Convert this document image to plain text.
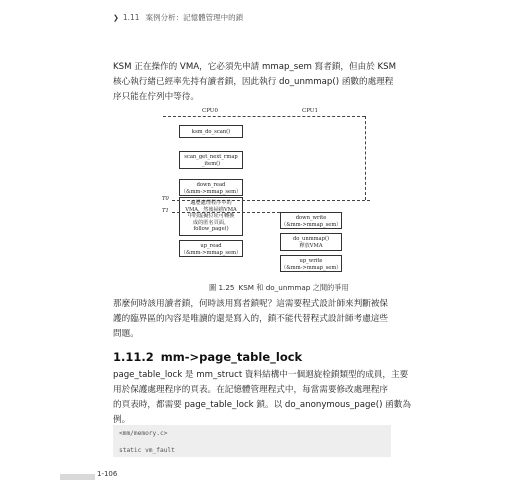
❯ 1.11 案例分析：記憶體管理中的鎖

KSM 正在操作的 VMA，它必須先申請 mmap_sem 寫者鎖，但由於 KSM
核心執行緒已經率先持有讀者鎖，因此執行 do_unmmap() 函數的處理程
序只能在佇列中等待。

CPU0	CPU1
ksm_do_scan()
scan_get_next_rmap
_item()
down_read
（&mm->mmap_sem）
遍歷處理程序中的
VMA，然後掃描VMA
中的虛擬位址可轉換
成的匿名頁面，
follow_page()
up_read
（&mm->mmap_sem）
T0
T1
down_write
（&mm->mmap_sem）
do_unmmap()
釋放VMA
up_write
（&mm->mmap_sem）
圖 1.25 KSM 和 do_unmmap 之間的爭用

那麼何時該用讀者鎖，何時該用寫者鎖呢？這需要程式設計師來判斷被保
護的臨界區的內容是唯讀的還是寫入的，鎖不能代替程式設計師考慮這些
問題。

1.11.2 mm->page_table_lock

page_table_lock 是 mm_struct 資料結構中一個迴旋栓鎖類型的成員，主要
用於保護處理程序的頁表。在記憶體管理程式中，每當需要修改處理程序
的頁表時，都需要 page_table_lock 鎖。以 do_anonymous_page() 函數為
例。

<mm/memory.c>
static vm_fault
1-106
